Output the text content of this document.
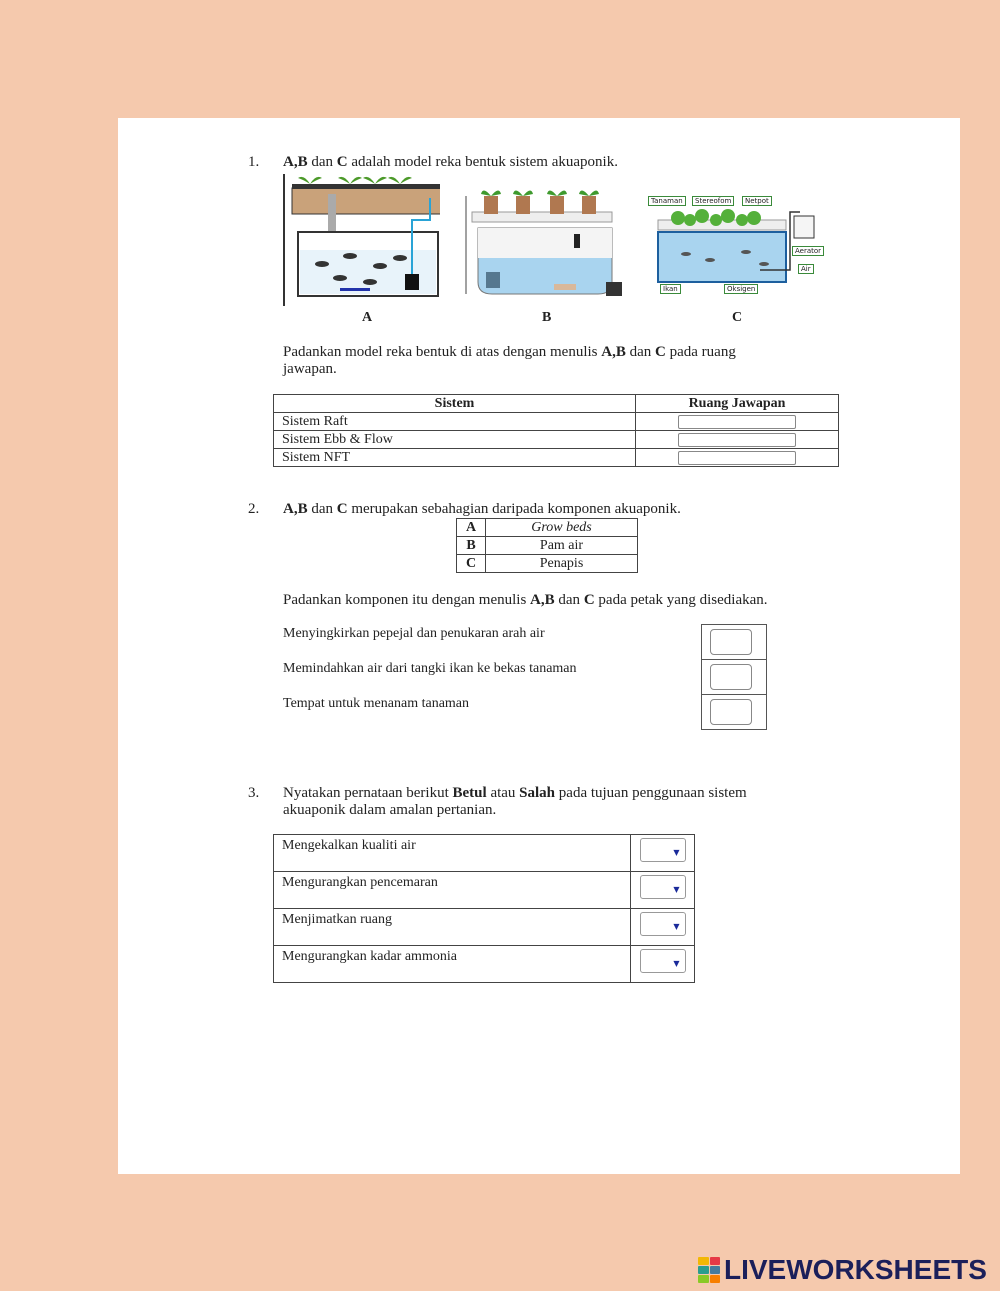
1. A,B dan C adalah model reka bentuk sistem akuaponik.
A	B
Tanaman	Stereofom	Netpot
Aerator
Air
Ikan	Oksigen
C
Padankan model reka bentuk di atas dengan menulis A,B dan C pada ruang
jawapan.
Sistem	Ruang Jawapan
Sistem Raft	

Sistem Ebb & Flow	

Sistem NFT	
2. A,B dan C merupakan sebahagian daripada komponen akuaponik.
A	Grow beds
B	Pam air
C	Penapis
Padankan komponen itu dengan menulis A,B dan C pada petak yang disediakan.
Menyingkirkan pepejal dan penukaran arah air
Memindahkan air dari tangki ikan ke bekas tanaman
Tempat untuk menanam tanaman
3. Nyatakan pernataan berikut Betul atau Salah pada tujuan penggunaan sistem
akuaponik dalam amalan pertanian.
Mengekalkan kualiti air	▼

Mengurangkan pencemaran	▼

Menjimatkan ruang	▼

Mengurangkan kadar ammonia	▼
LIVEWORKSHEETS
